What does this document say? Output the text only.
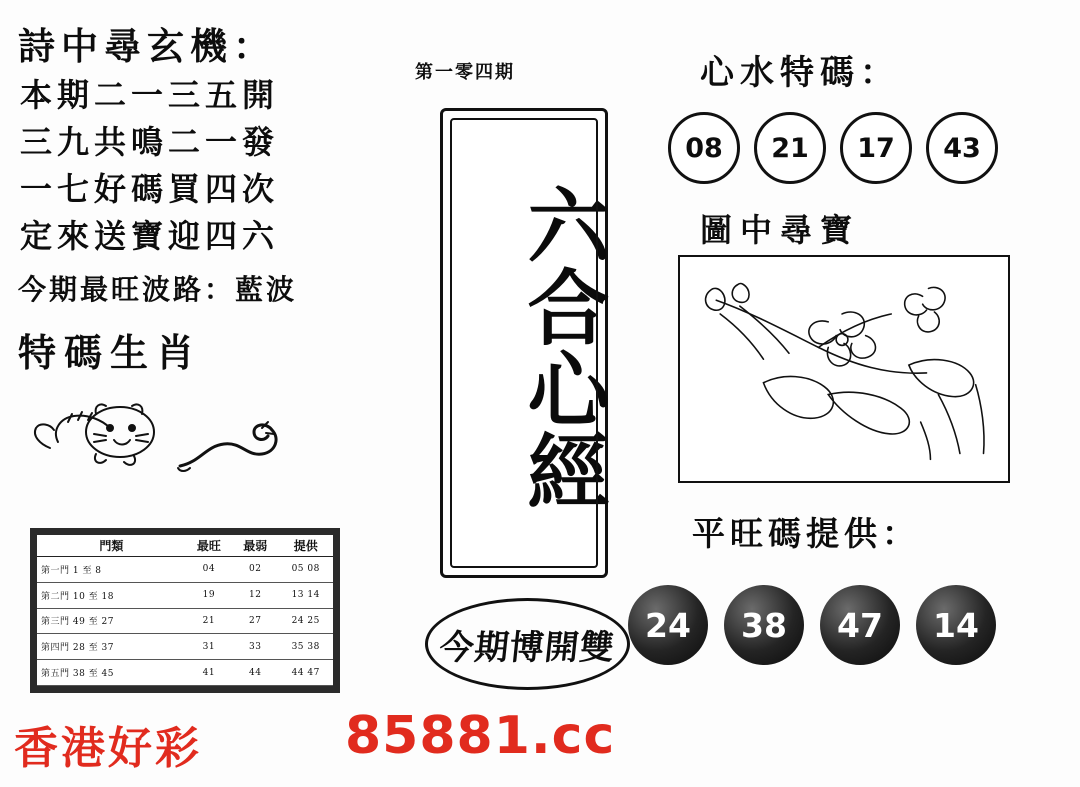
詩中尋玄機：
本期二一三五開
三九共鳴二一發
一七好碼買四次
定來送寶迎四六
今期最旺波路：藍波
特碼生肖
門類	最旺	最弱	提供
第一門 1 至 8	04	02	05 08
第二門 10 至 18	19	12	13 14
第三門 49 至 27	21	27	24 25
第四門 28 至 37	31	33	35 38
第五門 38 至 45	41	44	44 47
香港好彩	85881.cc
第一零四期
六合心經
今期博開雙
心水特碼：
08	21	17	43
圖中尋寶
平旺碼提供：
24	38	47	14
